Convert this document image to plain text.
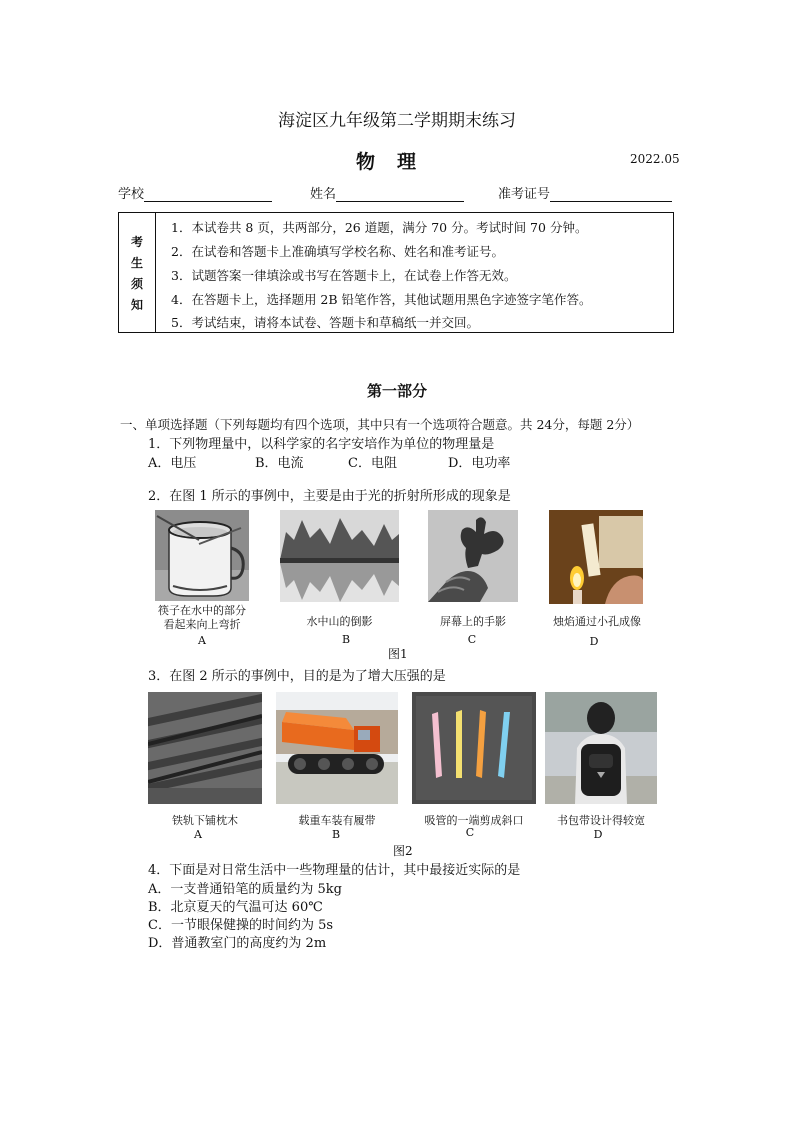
海淀区九年级第二学期期末练习
物理	2022.05
学校	姓名	准考证号
考
生
须
知
1．本试卷共 8 页，共两部分，26 道题，满分 70 分。考试时间 70 分钟。
2．在试卷和答题卡上准确填写学校名称、姓名和准考证号。
3．试题答案一律填涂或书写在答题卡上，在试卷上作答无效。
4．在答题卡上，选择题用 2B 铅笔作答，其他试题用黑色字迹签字笔作答。
5．考试结束，请将本试卷、答题卡和草稿纸一并交回。
第一部分
一、单项选择题（下列每题均有四个选项，其中只有一个选项符合题意。共 24分，每题 2分）
1．下列物理量中，以科学家的名字安培作为单位的物理量是
A．电压	B．电流	C．电阻	D．电功率
2．在图 1 所示的事例中，主要是由于光的折射所形成的现象是
筷子在水中的部分
看起来向上弯折
A
水中山的倒影
B
屏幕上的手影
C
烛焰通过小孔成像
D
图1
3．在图 2 所示的事例中，目的是为了增大压强的是
铁轨下铺枕木
A
载重车装有履带
B
吸管的一端剪成斜口
C
书包带设计得较宽
D
图2
4．下面是对日常生活中一些物理量的估计，其中最接近实际的是
A．一支普通铅笔的质量约为 5kg
B．北京夏天的气温可达 60℃
C．一节眼保健操的时间约为 5s
D．普通教室门的高度约为 2m
